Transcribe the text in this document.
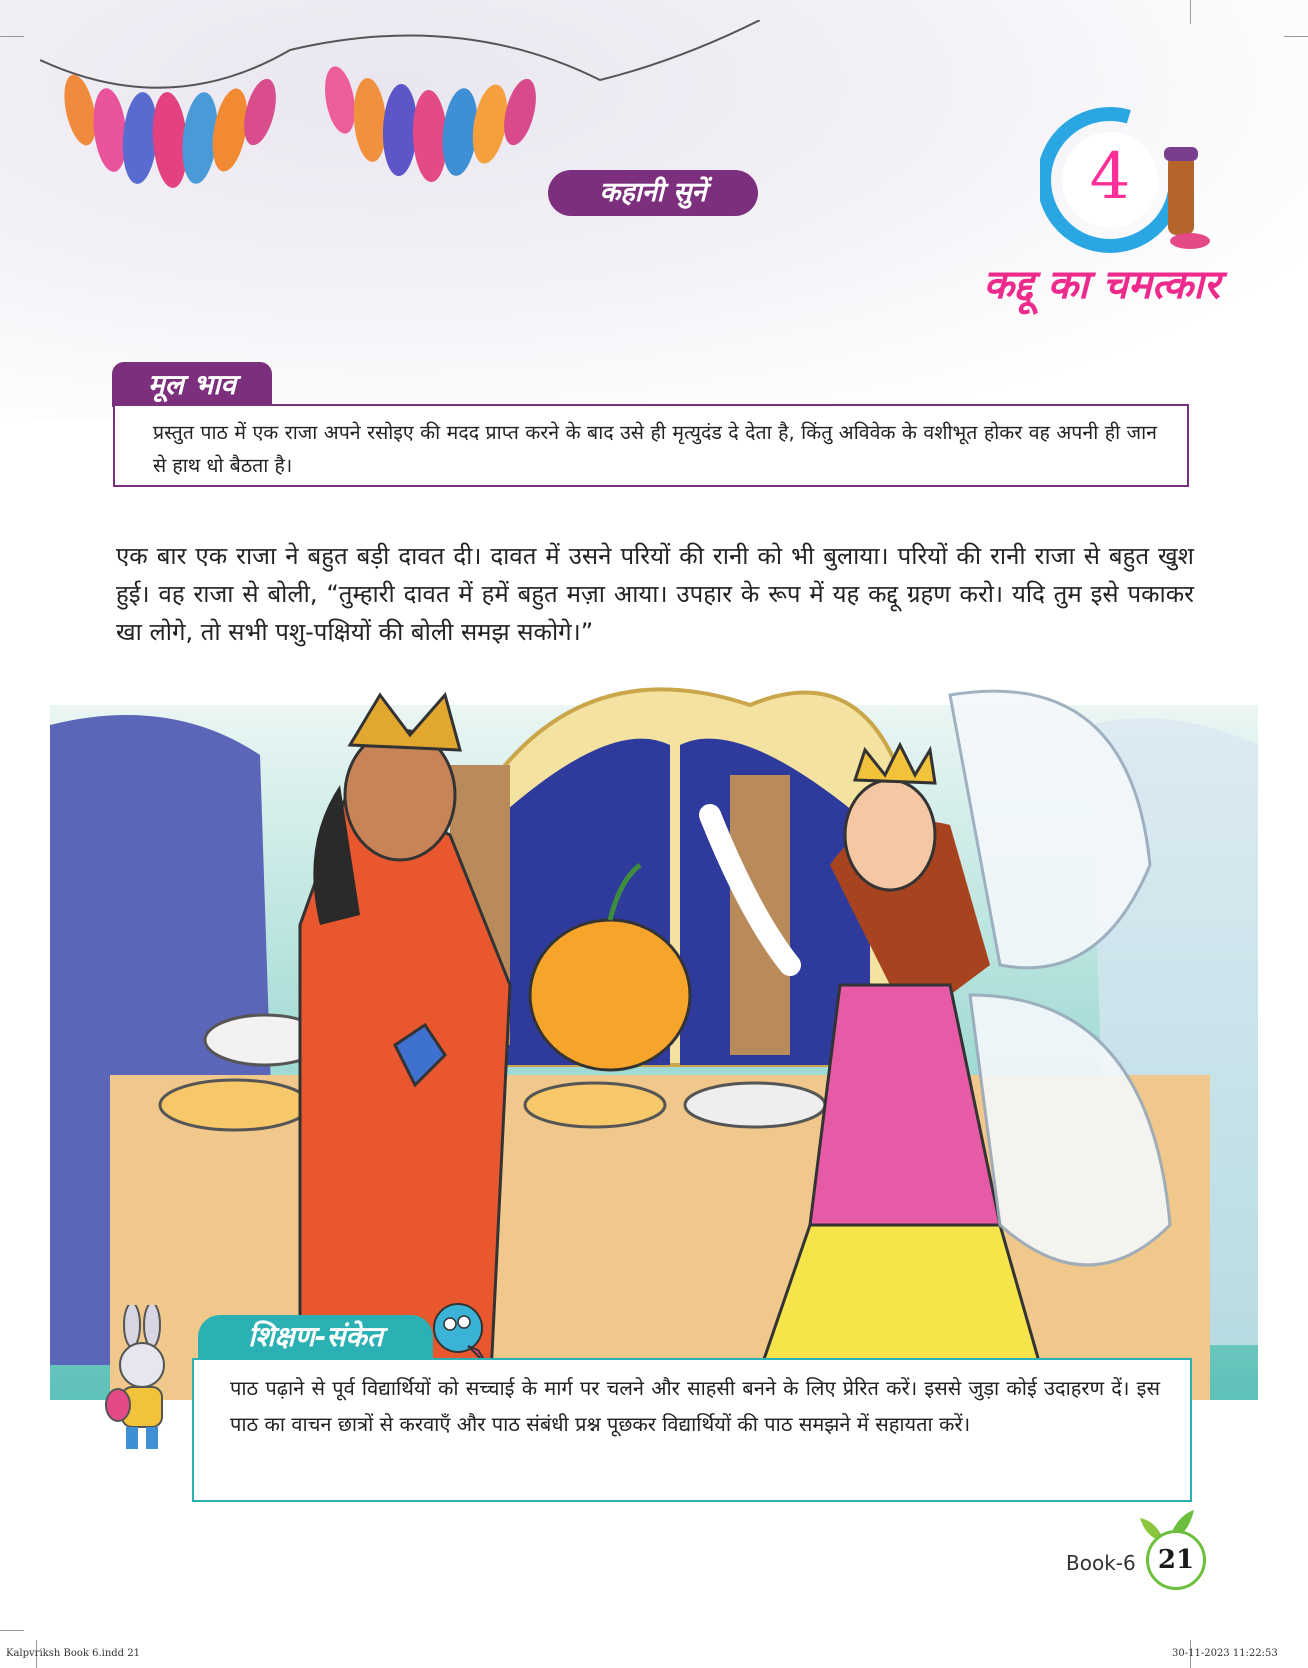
कहानी सुनें	4
कद्दू का चमत्कार
मूल भाव
प्रस्तुत पाठ में एक राजा अपने रसोइए की मदद प्राप्त करने के बाद उसे ही मृत्युदंड दे देता है, किंतु अविवेक के वशीभूत होकर वह अपनी ही जान से हाथ धो बैठता है।
एक बार एक राजा ने बहुत बड़ी दावत दी। दावत में उसने परियों की रानी को भी बुलाया। परियों की रानी राजा से बहुत खुश हुई। वह राजा से बोली, “तुम्हारी दावत में हमें बहुत मज़ा आया। उपहार के रूप में यह कद्दू ग्रहण करो। यदि तुम इसे पकाकर खा लोगे, तो सभी पशु-पक्षियों की बोली समझ सकोगे।”
शिक्षण-संकेत
पाठ पढ़ाने से पूर्व विद्यार्थियों को सच्चाई के मार्ग पर चलने और साहसी बनने के लिए प्रेरित करें। इससे जुड़ा कोई उदाहरण दें। इस पाठ का वाचन छात्रों से करवाएँ और पाठ संबंधी प्रश्न पूछकर विद्यार्थियों की पाठ समझने में सहायता करें।
Book-6 21
Kalpvriksh Book 6.indd 21	30-11-2023 11:22:53
